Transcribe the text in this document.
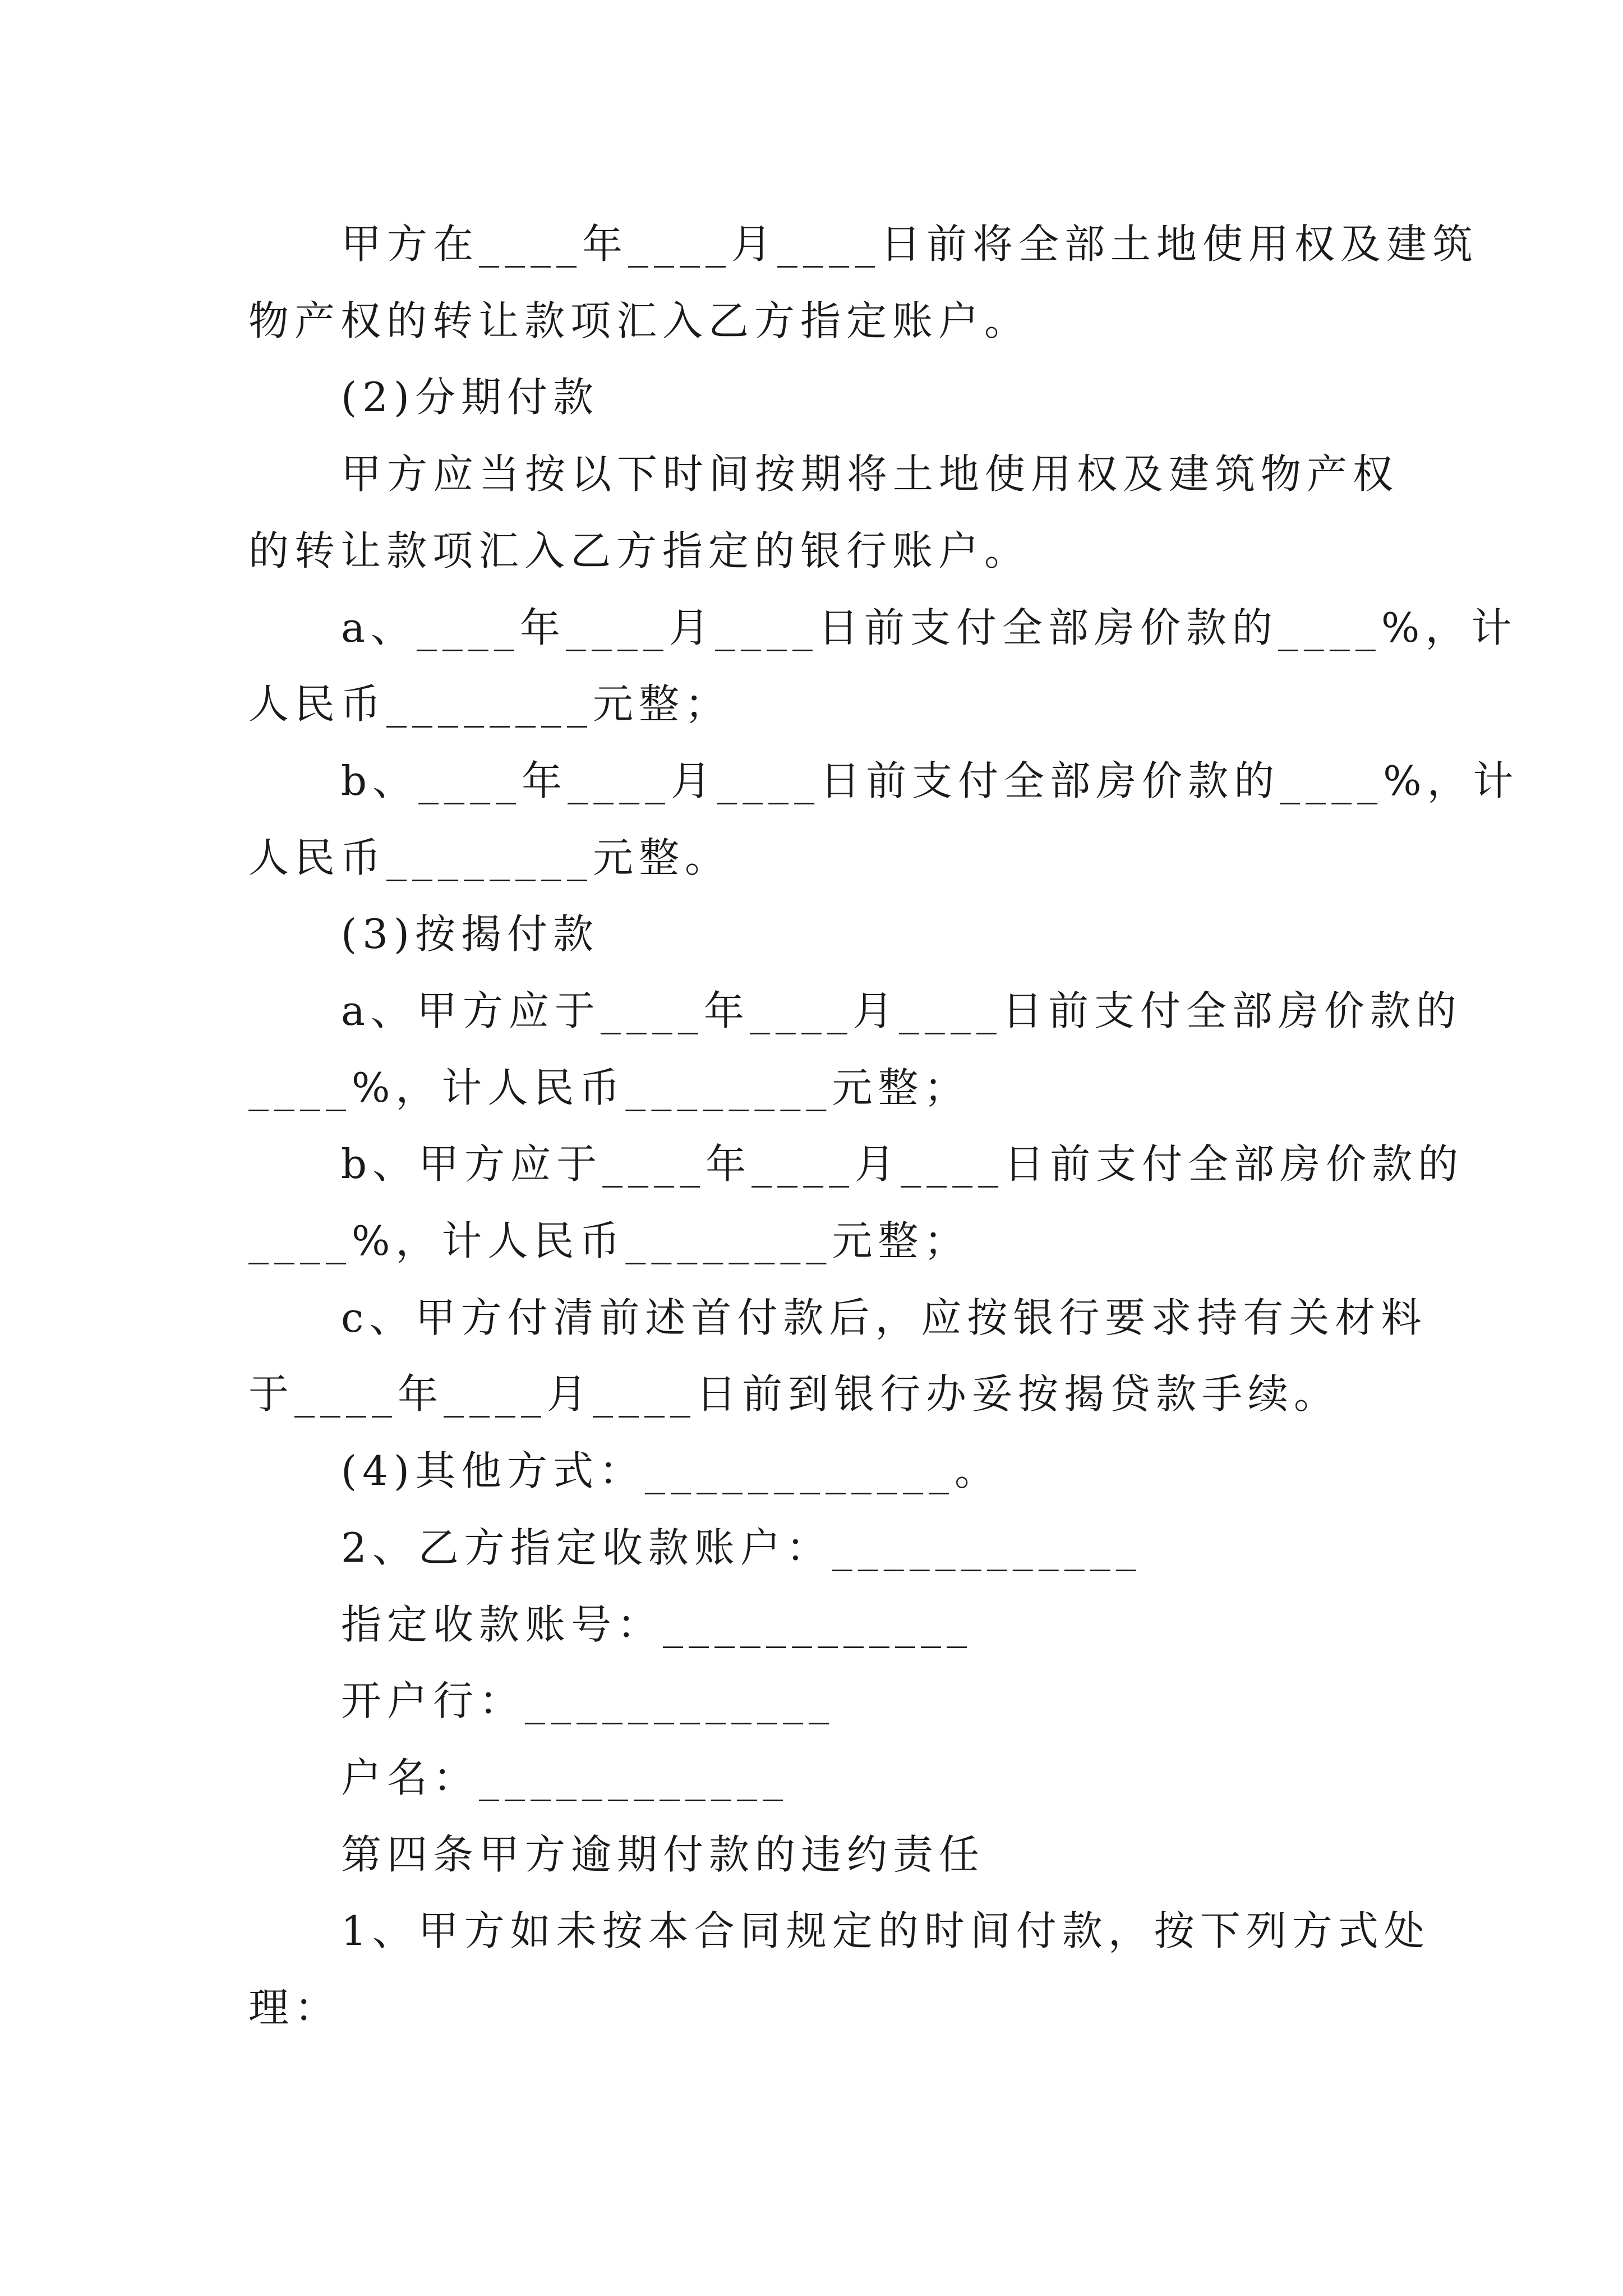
甲方在____年____月____日前将全部土地使用权及建筑
物产权的转让款项汇入乙方指定账户。
(2)分期付款
甲方应当按以下时间按期将土地使用权及建筑物产权
的转让款项汇入乙方指定的银行账户。
a、____年____月____日前支付全部房价款的____%，计
人民币________元整；
b、____年____月____日前支付全部房价款的____%，计
人民币________元整。
(3)按揭付款
a、甲方应于____年____月____日前支付全部房价款的
____%，计人民币________元整；
b、甲方应于____年____月____日前支付全部房价款的
____%，计人民币________元整；
c、甲方付清前述首付款后，应按银行要求持有关材料
于____年____月____日前到银行办妥按揭贷款手续。
(4)其他方式：____________。
2、乙方指定收款账户：____________
指定收款账号：____________
开户行：____________
户名：____________
第四条甲方逾期付款的违约责任
1、甲方如未按本合同规定的时间付款，按下列方式处
理：
